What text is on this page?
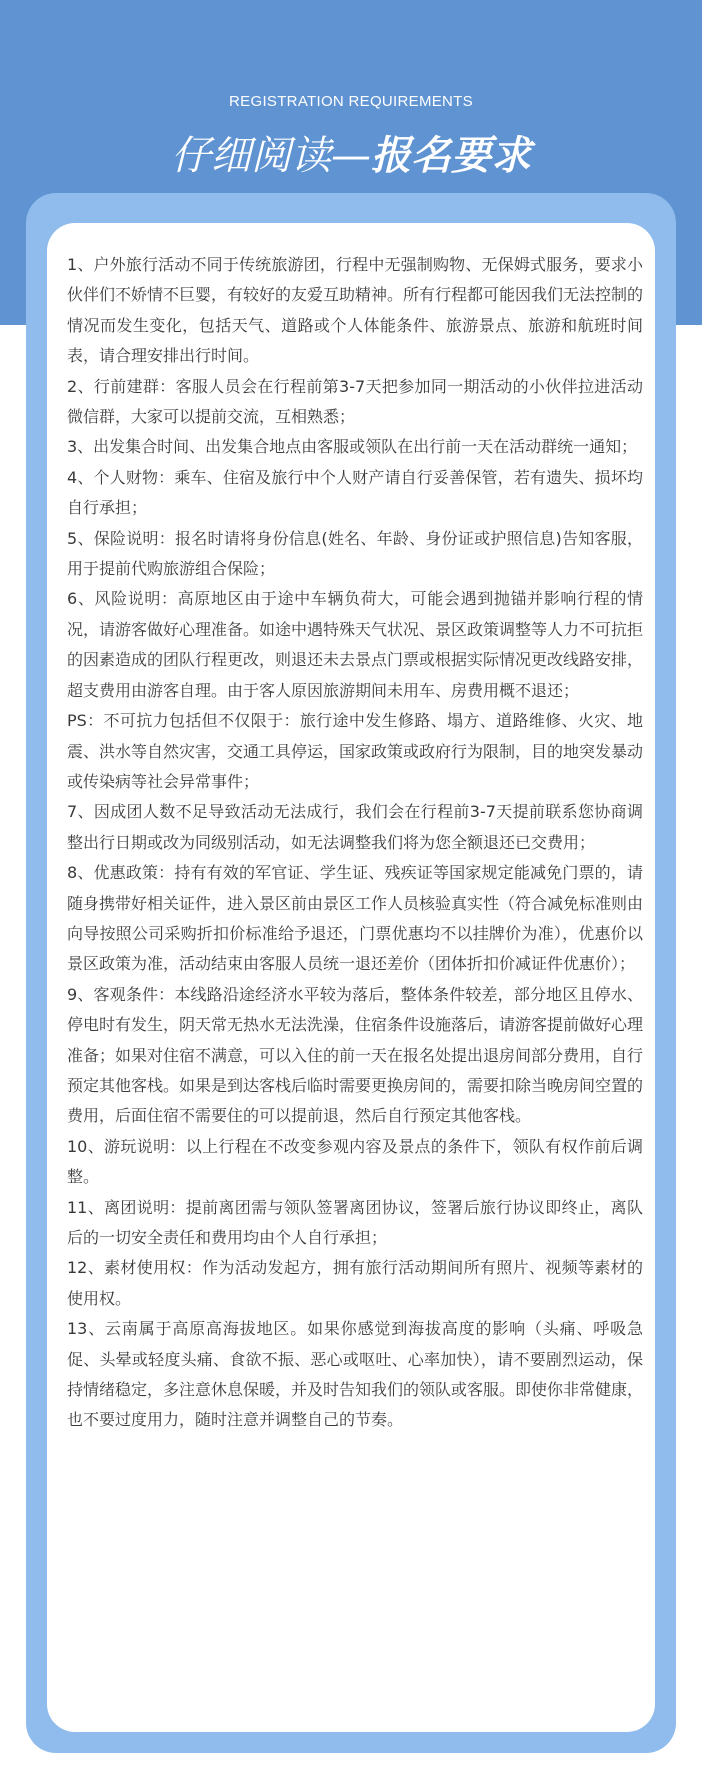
REGISTRATION REQUIREMENTS
仔细阅读—报名要求
1、户外旅行活动不同于传统旅游团，行程中无强制购物、无保姆式服务，要求小伙伴们不娇情不巨婴，有较好的友爱互助精神。所有行程都可能因我们无法控制的情况而发生变化，包括天气、道路或个人体能条件、旅游景点、旅游和航班时间表，请合理安排出行时间。
2、行前建群：客服人员会在行程前第3-7天把参加同一期活动的小伙伴拉进活动微信群，大家可以提前交流，互相熟悉；
3、出发集合时间、出发集合地点由客服或领队在出行前一天在活动群统一通知；
4、个人财物：乘车、住宿及旅行中个人财产请自行妥善保管，若有遗失、损坏均自行承担；
5、保险说明：报名时请将身份信息(姓名、年龄、身份证或护照信息)告知客服，用于提前代购旅游组合保险；
6、风险说明：高原地区由于途中车辆负荷大，可能会遇到抛锚并影响行程的情况，请游客做好心理准备。如途中遇特殊天气状况、景区政策调整等人力不可抗拒的因素造成的团队行程更改，则退还未去景点门票或根据实际情况更改线路安排，超支费用由游客自理。由于客人原因旅游期间未用车、房费用概不退还；
PS：不可抗力包括但不仅限于：旅行途中发生修路、塌方、道路维修、火灾、地震、洪水等自然灾害，交通工具停运，国家政策或政府行为限制，目的地突发暴动或传染病等社会异常事件；
7、因成团人数不足导致活动无法成行，我们会在行程前3-7天提前联系您协商调整出行日期或改为同级别活动，如无法调整我们将为您全额退还已交费用；
8、优惠政策：持有有效的军官证、学生证、残疾证等国家规定能减免门票的，请随身携带好相关证件，进入景区前由景区工作人员核验真实性（符合减免标准则由向导按照公司采购折扣价标准给予退还，门票优惠均不以挂牌价为准），优惠价以景区政策为准，活动结束由客服人员统一退还差价（团体折扣价减证件优惠价）；
9、客观条件：本线路沿途经济水平较为落后，整体条件较差，部分地区且停水、停电时有发生，阴天常无热水无法洗澡，住宿条件设施落后，请游客提前做好心理准备；如果对住宿不满意，可以入住的前一天在报名处提出退房间部分费用，自行预定其他客栈。如果是到达客栈后临时需要更换房间的，需要扣除当晚房间空置的费用，后面住宿不需要住的可以提前退，然后自行预定其他客栈。
10、游玩说明：以上行程在不改变参观内容及景点的条件下，领队有权作前后调整。
11、离团说明：提前离团需与领队签署离团协议，签署后旅行协议即终止，离队后的一切安全责任和费用均由个人自行承担；
12、素材使用权：作为活动发起方，拥有旅行活动期间所有照片、视频等素材的使用权。
13、云南属于高原高海拔地区。如果你感觉到海拔高度的影响（头痛、呼吸急促、头晕或轻度头痛、食欲不振、恶心或呕吐、心率加快），请不要剧烈运动，保持情绪稳定，多注意休息保暖，并及时告知我们的领队或客服。即使你非常健康，也不要过度用力，随时注意并调整自己的节奏。
